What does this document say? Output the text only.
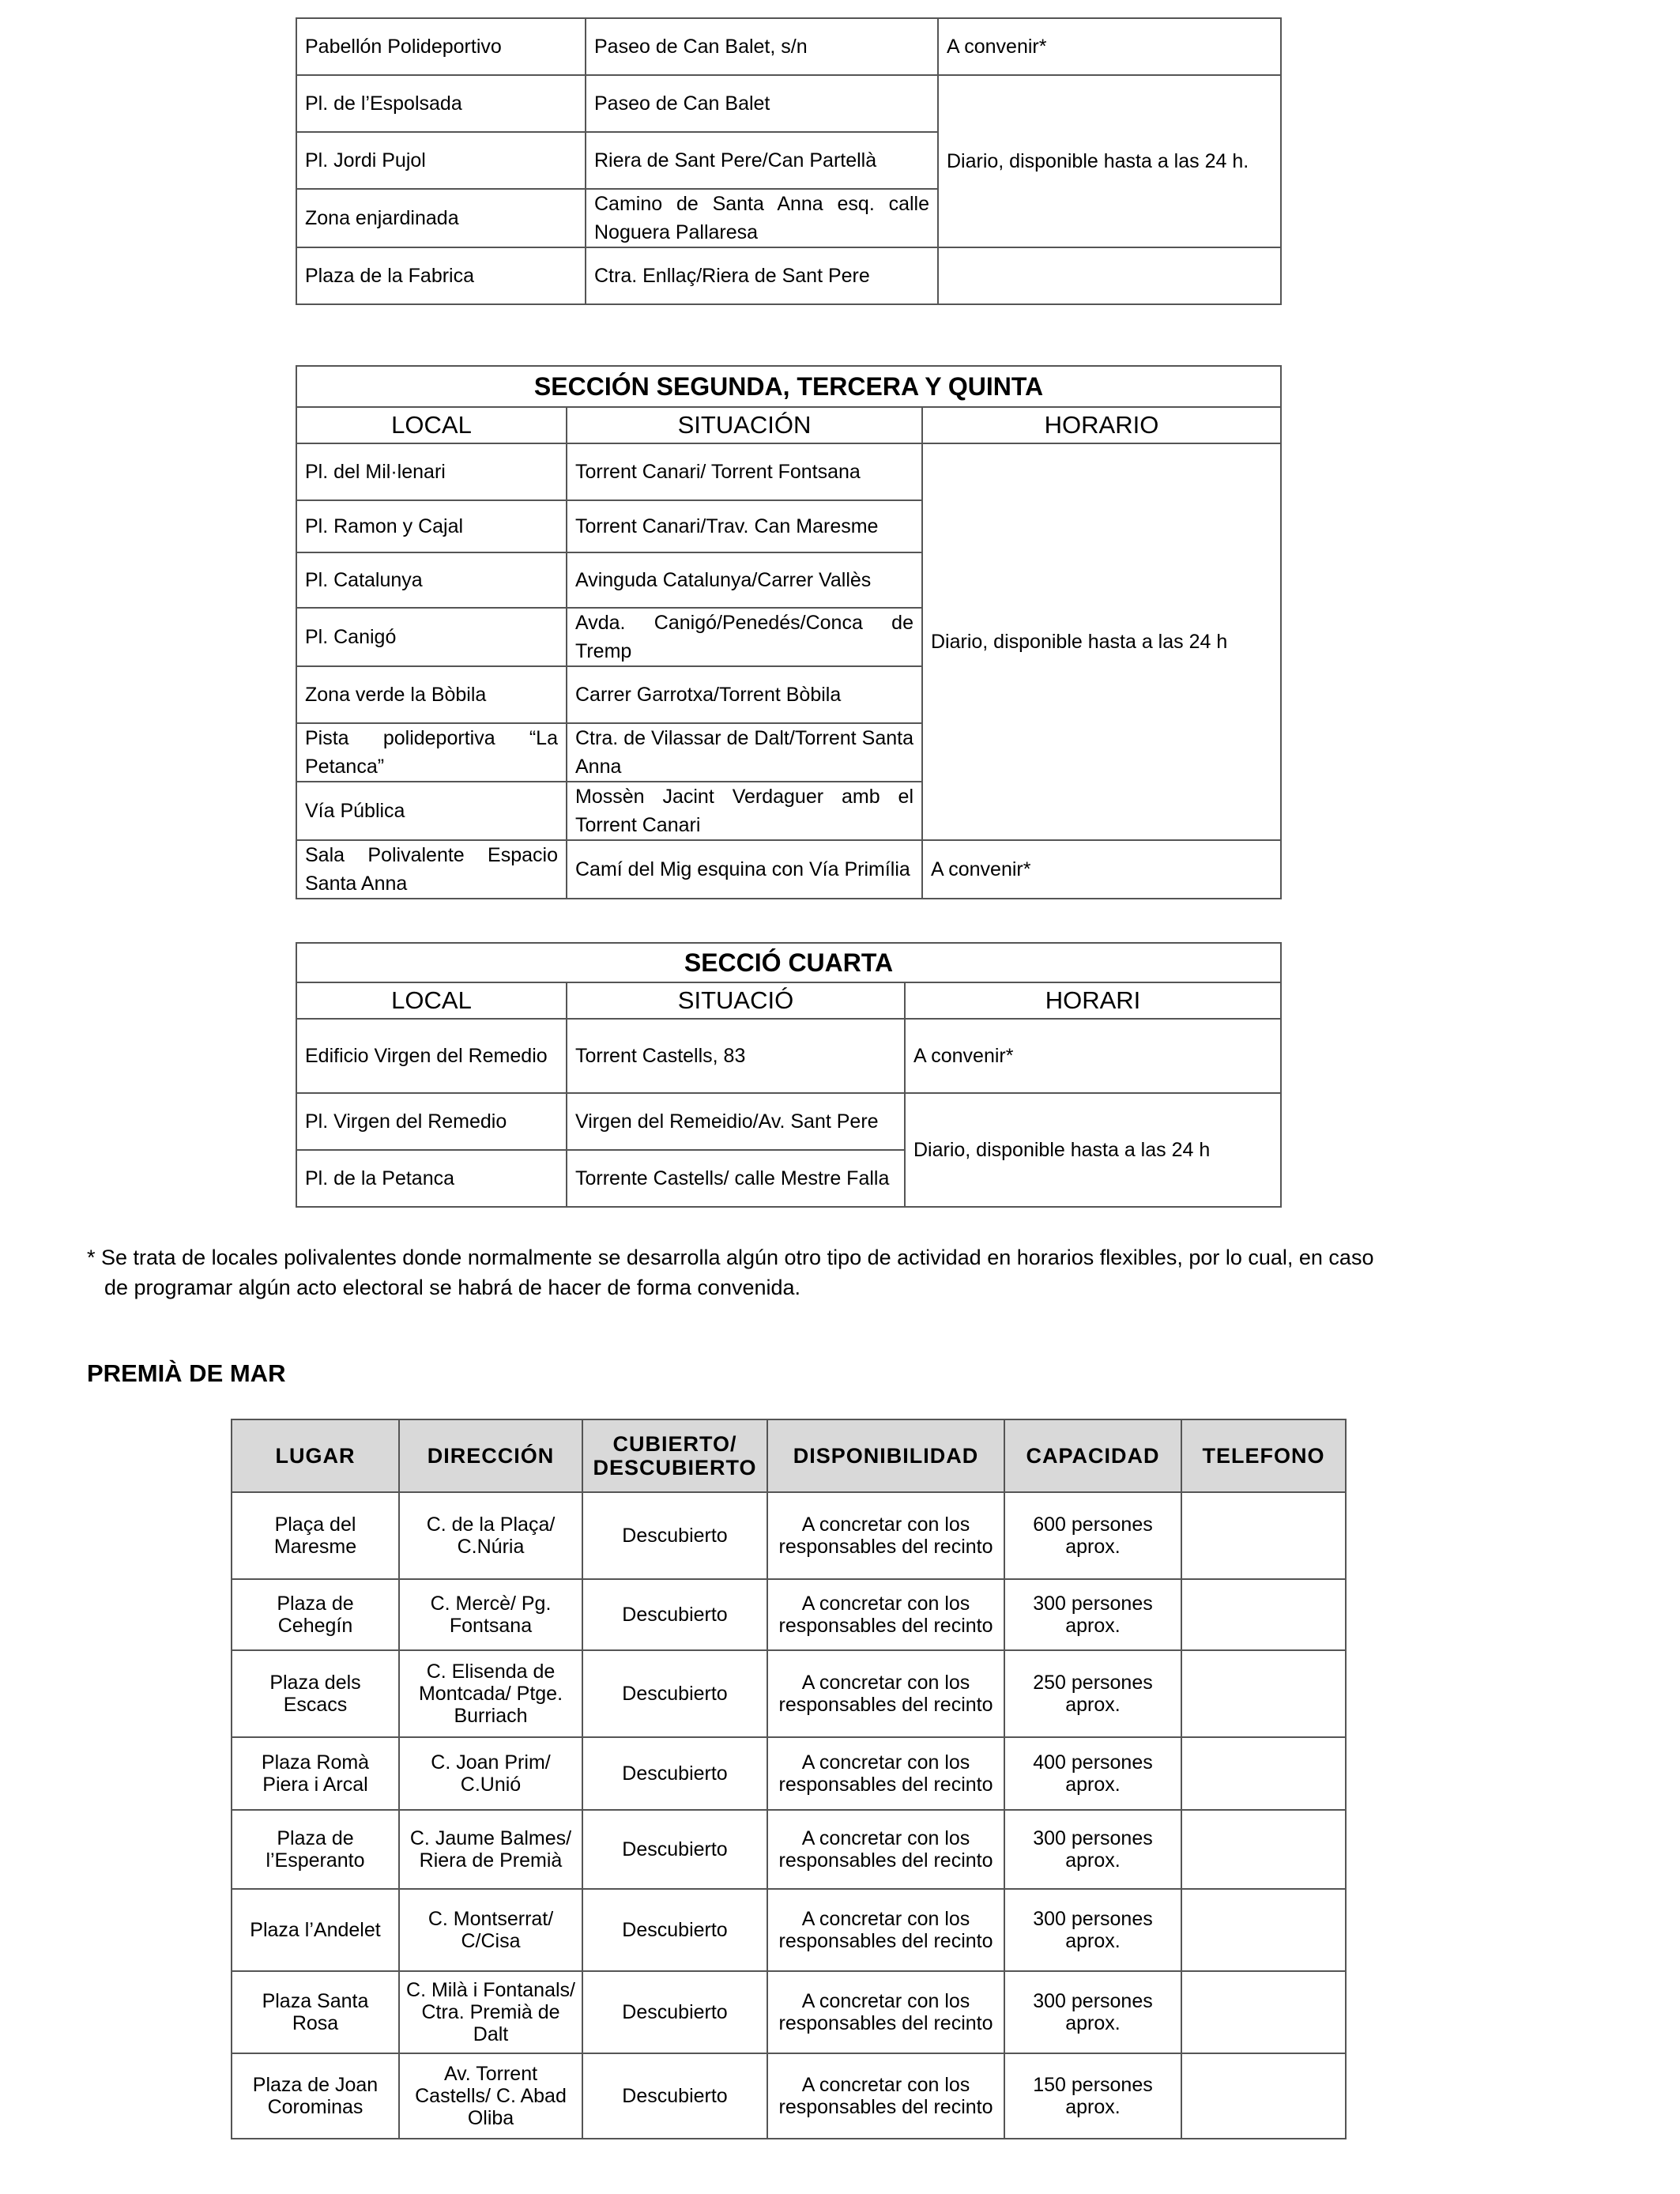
Pabellón Polideportivo	Paseo de Can Balet, s/n	A convenir*
Pl. de l’Espolsada	Paseo de Can Balet	Diario, disponible hasta a las 24 h.
Pl. Jordi Pujol	Riera de Sant Pere/Can Partellà	
Zona enjardinada	Camino de Santa Anna esq. calle Noguera Pallaresa	
Plaza de la Fabrica	Ctra. Enllaç/Riera de Sant Pere	
SECCIÓN SEGUNDA, TERCERA Y QUINTA		
LOCAL	SITUACIÓN	HORARIO
Pl. del Mil·lenari	Torrent Canari/ Torrent Fontsana	Diario, disponible hasta a las 24 h
Pl. Ramon y Cajal	Torrent Canari/Trav. Can Maresme	
Pl. Catalunya	Avinguda Catalunya/Carrer Vallès	
Pl. Canigó	Avda. Canigó/Penedés/Conca de Tremp	
Zona verde la Bòbila	Carrer Garrotxa/Torrent Bòbila	
Pista polideportiva “La Petanca”	Ctra. de Vilassar de Dalt/Torrent Santa Anna	
Vía Pública	Mossèn Jacint Verdaguer amb el Torrent Canari	
Sala Polivalente Espacio Santa Anna	Camí del Mig esquina con Vía Primília	A convenir*
SECCIÓ CUARTA		
LOCAL	SITUACIÓ	HORARI
Edificio Virgen del Remedio	Torrent Castells, 83	A convenir*
Pl. Virgen del Remedio	Virgen del Remeidio/Av. Sant Pere	Diario, disponible hasta a las 24 h
Pl. de la Petanca	Torrente Castells/ calle Mestre Falla	
* Se trata de locales polivalentes donde normalmente se desarrolla algún otro tipo de actividad en horarios flexibles, por lo cual, en caso
de programar algún acto electoral se habrá de hacer de forma convenida.
PREMIÀ DE MAR
LUGAR	DIRECCIÓN	CUBIERTO/ DESCUBIERTO	DISPONIBILIDAD	CAPACIDAD	TELEFONO
Plaça del Maresme	C. de la Plaça/ C.Núria	Descubierto	A concretar con los responsables del recinto	600 persones aprox.	
Plaza de Cehegín	C. Mercè/ Pg. Fontsana	Descubierto	A concretar con los responsables del recinto	300 persones aprox.	
Plaza dels Escacs	C. Elisenda de Montcada/ Ptge. Burriach	Descubierto	A concretar con los responsables del recinto	250 persones aprox.	
Plaza Romà Piera i Arcal	C. Joan Prim/ C.Unió	Descubierto	A concretar con los responsables del recinto	400 persones aprox.	
Plaza de l’Esperanto	C. Jaume Balmes/ Riera de Premià	Descubierto	A concretar con los responsables del recinto	300 persones aprox.	
Plaza l’Andelet	C. Montserrat/ C/Cisa	Descubierto	A concretar con los responsables del recinto	300 persones aprox.	
Plaza Santa Rosa	C. Milà i Fontanals/ Ctra. Premià de Dalt	Descubierto	A concretar con los responsables del recinto	300 persones aprox.	
Plaza de Joan Corominas	Av. Torrent Castells/ C. Abad Oliba	Descubierto	A concretar con los responsables del recinto	150 persones aprox.	
